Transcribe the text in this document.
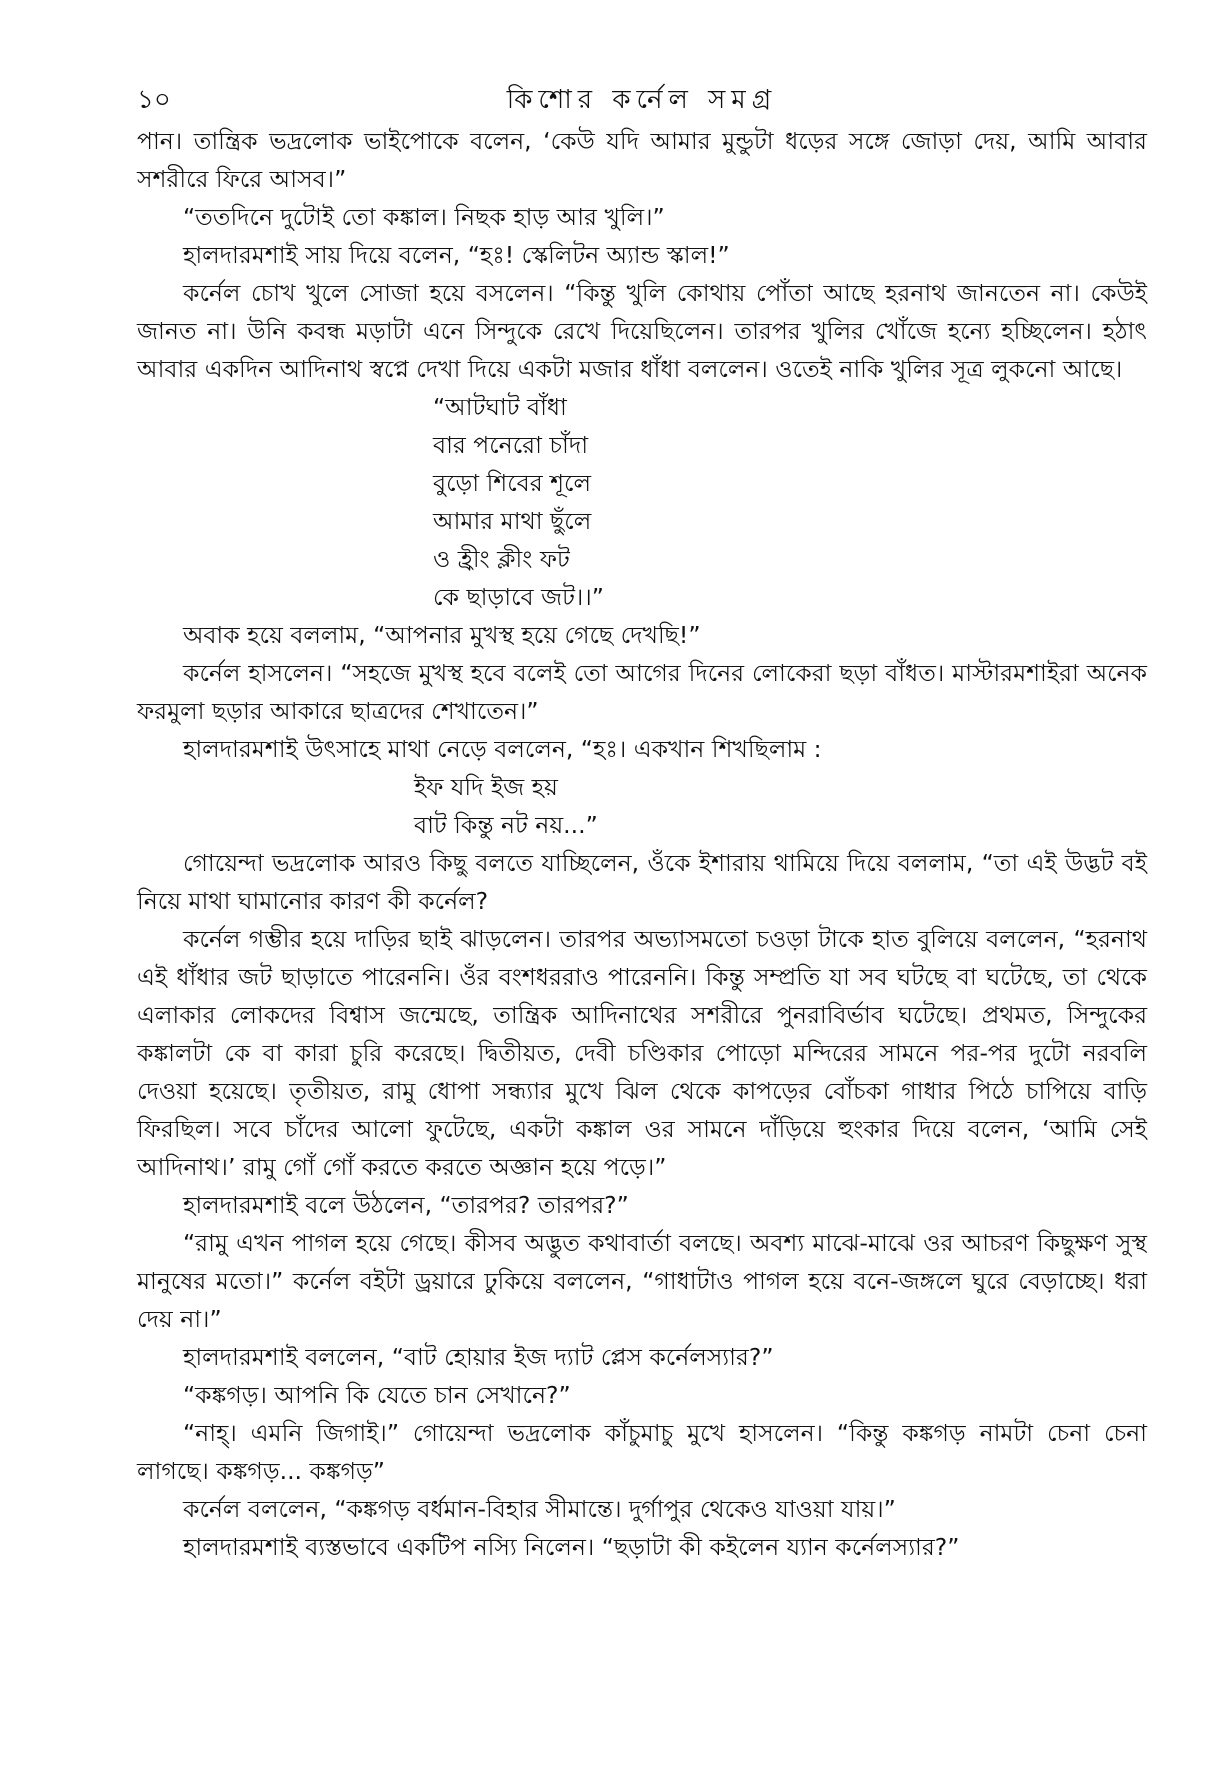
১০	কিশোর কর্নেল সমগ্র

পান। তান্ত্রিক ভদ্রলোক ভাইপোকে বলেন, ‘কেউ যদি আমার মুন্ডুটা ধড়ের সঙ্গে জোড়া দেয়, আমি আবার সশরীরে ফিরে আসব।”

“ততদিনে দুটোই তো কঙ্কাল। নিছক হাড় আর খুলি।”

হালদারমশাই সায় দিয়ে বলেন, “হঃ! স্কেলিটন অ্যান্ড স্কাল!”

কর্নেল চোখ খুলে সোজা হয়ে বসলেন। “কিন্তু খুলি কোথায় পোঁতা আছে হরনাথ জানতেন না। কেউই জানত না। উনি কবন্ধ মড়াটা এনে সিন্দুকে রেখে দিয়েছিলেন। তারপর খুলির খোঁজে হন্যে হচ্ছিলেন। হঠাৎ আবার একদিন আদিনাথ স্বপ্নে দেখা দিয়ে একটা মজার ধাঁধা বললেন। ওতেই নাকি খুলির সূত্র লুকনো আছে।

“আটঘাট বাঁধা
বার পনেরো চাঁদা
বুড়ো শিবের শূলে
আমার মাথা ছুঁলে
ও হ্রীং ক্লীং ফট
কে ছাড়াবে জট।।”

অবাক হয়ে বললাম, “আপনার মুখস্থ হয়ে গেছে দেখছি!”

কর্নেল হাসলেন। “সহজে মুখস্থ হবে বলেই তো আগের দিনের লোকেরা ছড়া বাঁধত। মাস্টারমশাইরা অনেক ফরমুলা ছড়ার আকারে ছাত্রদের শেখাতেন।”

হালদারমশাই উৎসাহে মাথা নেড়ে বললেন, “হঃ। একখান শিখছিলাম :

ইফ যদি ইজ হয়
বাট কিন্তু নট নয়...”

গোয়েন্দা ভদ্রলোক আরও কিছু বলতে যাচ্ছিলেন, ওঁকে ইশারায় থামিয়ে দিয়ে বললাম, “তা এই উদ্ভট বই নিয়ে মাথা ঘামানোর কারণ কী কর্নেল?

কর্নেল গম্ভীর হয়ে দাড়ির ছাই ঝাড়লেন। তারপর অভ্যাসমতো চওড়া টাকে হাত বুলিয়ে বললেন, “হরনাথ এই ধাঁধার জট ছাড়াতে পারেননি। ওঁর বংশধররাও পারেননি। কিন্তু সম্প্রতি যা সব ঘটছে বা ঘটেছে, তা থেকে এলাকার লোকদের বিশ্বাস জন্মেছে, তান্ত্রিক আদিনাথের সশরীরে পুনরাবির্ভাব ঘটেছে। প্রথমত, সিন্দুকের কঙ্কালটা কে বা কারা চুরি করেছে। দ্বিতীয়ত, দেবী চণ্ডিকার পোড়ো মন্দিরের সামনে পর-পর দুটো নরবলি দেওয়া হয়েছে। তৃতীয়ত, রামু ধোপা সন্ধ্যার মুখে ঝিল থেকে কাপড়ের বোঁচকা গাধার পিঠে চাপিয়ে বাড়ি ফিরছিল। সবে চাঁদের আলো ফুটেছে, একটা কঙ্কাল ওর সামনে দাঁড়িয়ে হুংকার দিয়ে বলেন, ‘আমি সেই আদিনাথ।’ রামু গোঁ গোঁ করতে করতে অজ্ঞান হয়ে পড়ে।”

হালদারমশাই বলে উঠলেন, “তারপর? তারপর?”

“রামু এখন পাগল হয়ে গেছে। কীসব অদ্ভুত কথাবার্তা বলছে। অবশ্য মাঝে-মাঝে ওর আচরণ কিছুক্ষণ সুস্থ মানুষের মতো।” কর্নেল বইটা ড্রয়ারে ঢুকিয়ে বললেন, “গাধাটাও পাগল হয়ে বনে-জঙ্গলে ঘুরে বেড়াচ্ছে। ধরা দেয় না।”

হালদারমশাই বললেন, “বাট হোয়ার ইজ দ্যাট প্লেস কর্নেলস্যার?”

“কঙ্কগড়। আপনি কি যেতে চান সেখানে?”

“নাহ্। এমনি জিগাই।” গোয়েন্দা ভদ্রলোক কাঁচুমাচু মুখে হাসলেন। “কিন্তু কঙ্কগড় নামটা চেনা চেনা লাগছে। কঙ্কগড়... কঙ্কগড়”

কর্নেল বললেন, “কঙ্কগড় বর্ধমান-বিহার সীমান্তে। দুর্গাপুর থেকেও যাওয়া যায়।”

হালদারমশাই ব্যস্তভাবে একটিপ নস্যি নিলেন। “ছড়াটা কী কইলেন য্যান কর্নেলস্যার?”
